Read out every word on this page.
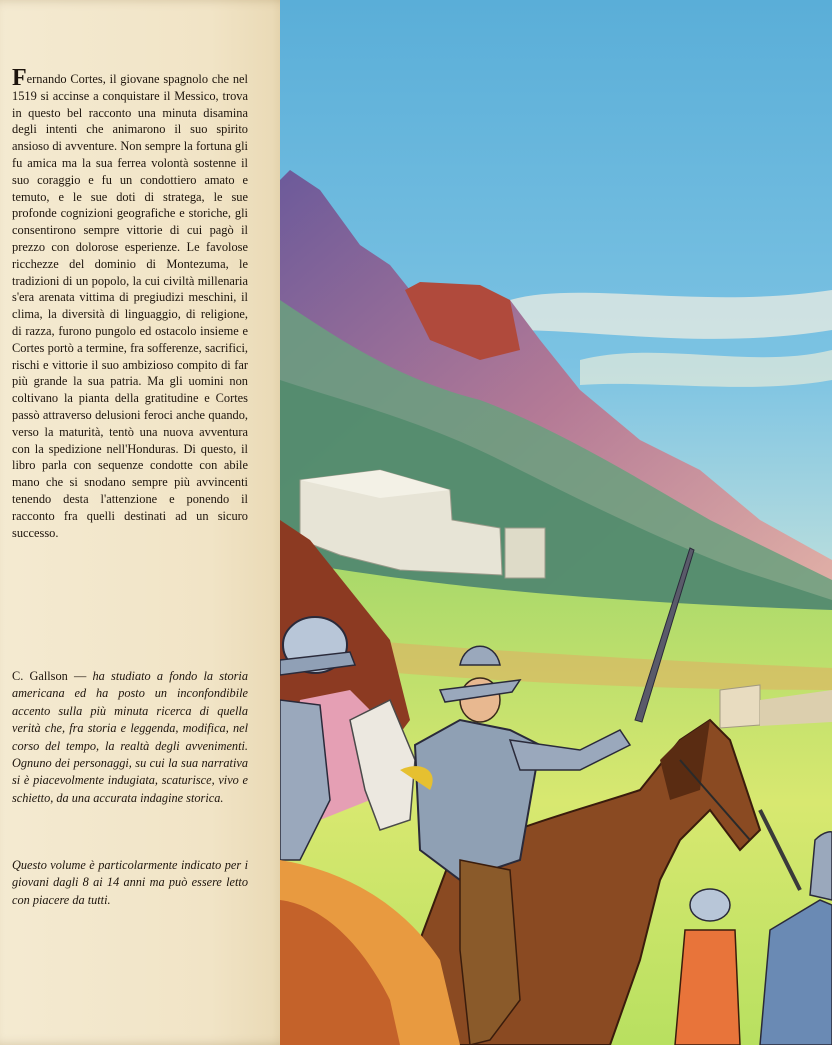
Fernando Cortes, il giovane spagnolo che nel 1519 si accinse a conquistare il Messico, trova in questo bel racconto una minuta disamina degli intenti che animarono il suo spirito ansioso di avventure. Non sempre la fortuna gli fu amica ma la sua ferrea volontà sostenne il suo coraggio e fu un condottiero amato e temuto, e le sue doti di stratega, le sue profonde cognizioni geografiche e storiche, gli consentirono sempre vittorie di cui pagò il prezzo con dolorose esperienze. Le favolose ricchezze del dominio di Montezuma, le tradizioni di un popolo, la cui civiltà millenaria s'era arenata vittima di pregiudizi meschini, il clima, la diversità di linguaggio, di religione, di razza, furono pungolo ed ostacolo insieme e Cortes portò a termine, fra sofferenze, sacrifici, rischi e vittorie il suo ambizioso compito di far più grande la sua patria. Ma gli uomini non coltivano la pianta della gratitudine e Cortes passò attraverso delusioni feroci anche quando, verso la maturità, tentò una nuova avventura con la spedizione nell'Honduras. Di questo, il libro parla con sequenze condotte con abile mano che si snodano sempre più avvincenti tenendo desta l'attenzione e ponendo il racconto fra quelli destinati ad un sicuro successo.
C. Gallson — ha studiato a fondo la storia americana ed ha posto un inconfondibile accento sulla più minuta ricerca di quella verità che, fra storia e leggenda, modifica, nel corso del tempo, la realtà degli avvenimenti. Ognuno dei personaggi, su cui la sua narrativa si è piacevolmente indugiata, scaturisce, vivo e schietto, da una accurata indagine storica.
Questo volume è particolarmente indicato per i giovani dagli 8 ai 14 anni ma può essere letto con piacere da tutti.
